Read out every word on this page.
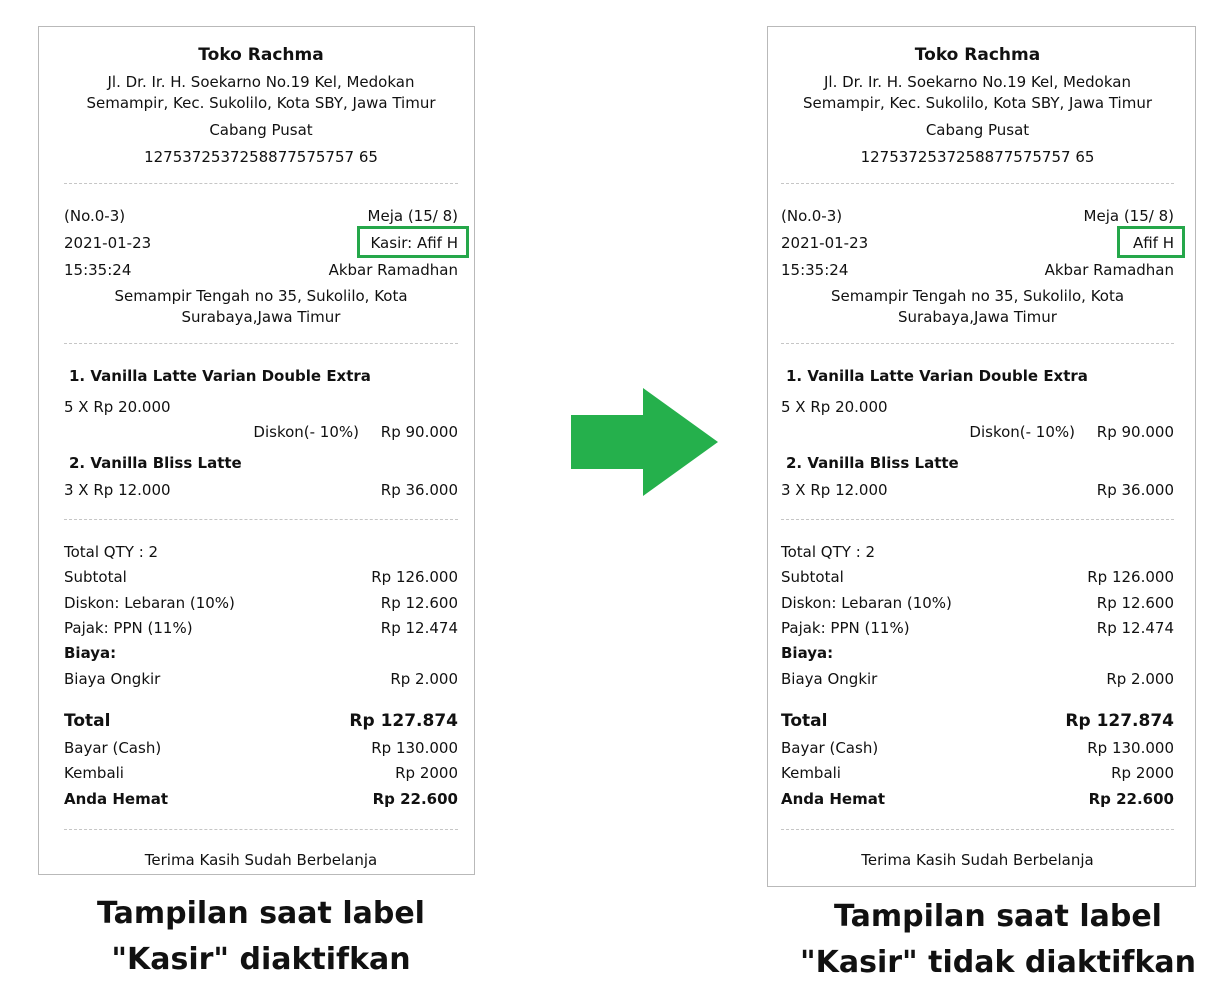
Toko Rachma
Jl. Dr. Ir. H. Soekarno No.19 Kel, Medokan
Semampir, Kec. Sukolilo, Kota SBY, Jawa Timur
Cabang Pusat
1275372537258877575757 65
(No.0-3)	Meja (15/ 8)
2021-01-23	Kasir: Afif H
15:35:24	Akbar Ramadhan
Semampir Tengah no 35, Sukolilo, Kota
Surabaya,Jawa Timur
1. Vanilla Latte Varian Double Extra
5 X Rp 20.000
Diskon(- 10%) Rp 90.000
2. Vanilla Bliss Latte
3 X Rp 12.000	Rp 36.000
Total QTY : 2
Subtotal	Rp 126.000
Diskon: Lebaran (10%)	Rp 12.600
Pajak: PPN (11%)	Rp 12.474
Biaya:
Biaya Ongkir	Rp 2.000
Total	Rp 127.874
Bayar (Cash)	Rp 130.000
Kembali	Rp 2000
Anda Hemat	Rp 22.600
Terima Kasih Sudah Berbelanja
Toko Rachma
Jl. Dr. Ir. H. Soekarno No.19 Kel, Medokan
Semampir, Kec. Sukolilo, Kota SBY, Jawa Timur
Cabang Pusat
1275372537258877575757 65
(No.0-3)	Meja (15/ 8)
2021-01-23	Afif H
15:35:24	Akbar Ramadhan
Semampir Tengah no 35, Sukolilo, Kota
Surabaya,Jawa Timur
1. Vanilla Latte Varian Double Extra
5 X Rp 20.000
Diskon(- 10%) Rp 90.000
2. Vanilla Bliss Latte
3 X Rp 12.000	Rp 36.000
Total QTY : 2
Subtotal	Rp 126.000
Diskon: Lebaran (10%)	Rp 12.600
Pajak: PPN (11%)	Rp 12.474
Biaya:
Biaya Ongkir	Rp 2.000
Total	Rp 127.874
Bayar (Cash)	Rp 130.000
Kembali	Rp 2000
Anda Hemat	Rp 22.600
Terima Kasih Sudah Berbelanja
Tampilan saat label
"Kasir" diaktifkan
Tampilan saat label
"Kasir" tidak diaktifkan
